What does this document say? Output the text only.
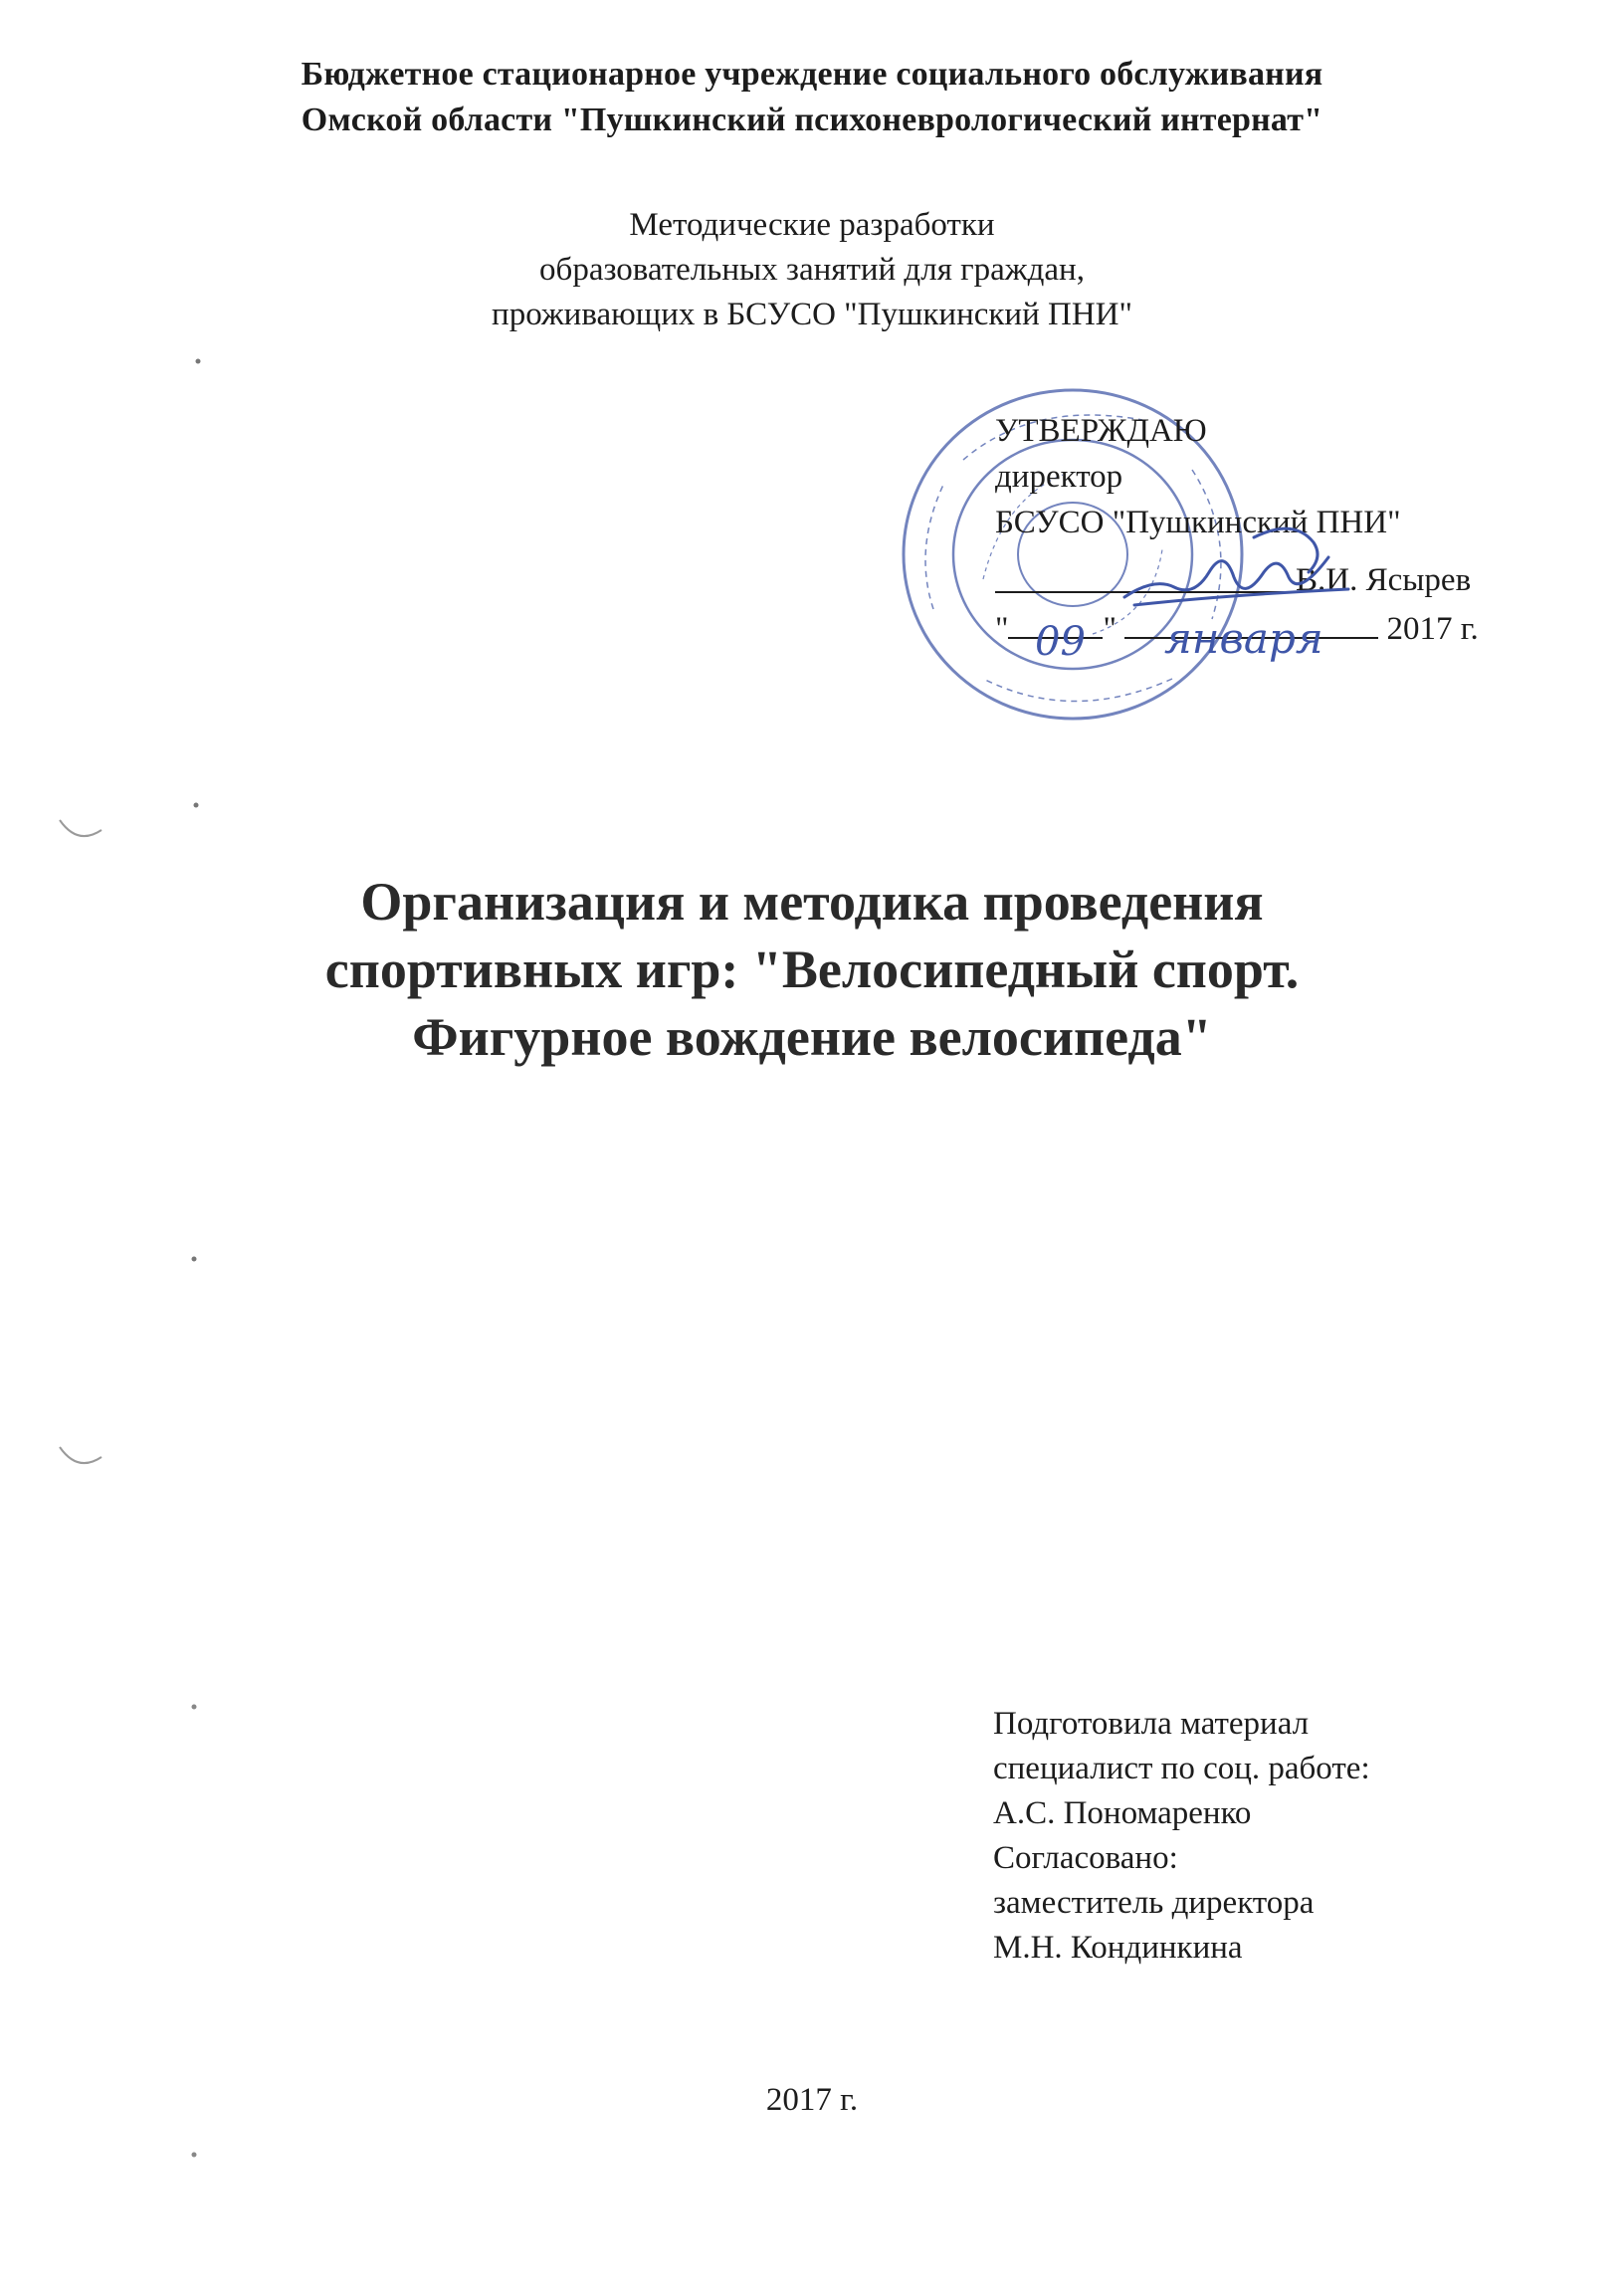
Бюджетное стационарное учреждение социального обслуживания
Омской области "Пушкинский психоневрологический интернат"
Методические разработки
образовательных занятий для граждан,
проживающих в БСУСО "Пушкинский ПНИ"
УТВЕРЖДАЮ
директор
БСУСО "Пушкинский ПНИ"
В.И. Ясырев
"	"	2017 г.
09 января
Организация и методика проведения
спортивных игр: "Велосипедный спорт.
Фигурное вождение велосипеда"
Подготовила материал
специалист по соц. работе:
А.С. Пономаренко
Согласовано:
заместитель директора
М.Н. Кондинкина
2017 г.
